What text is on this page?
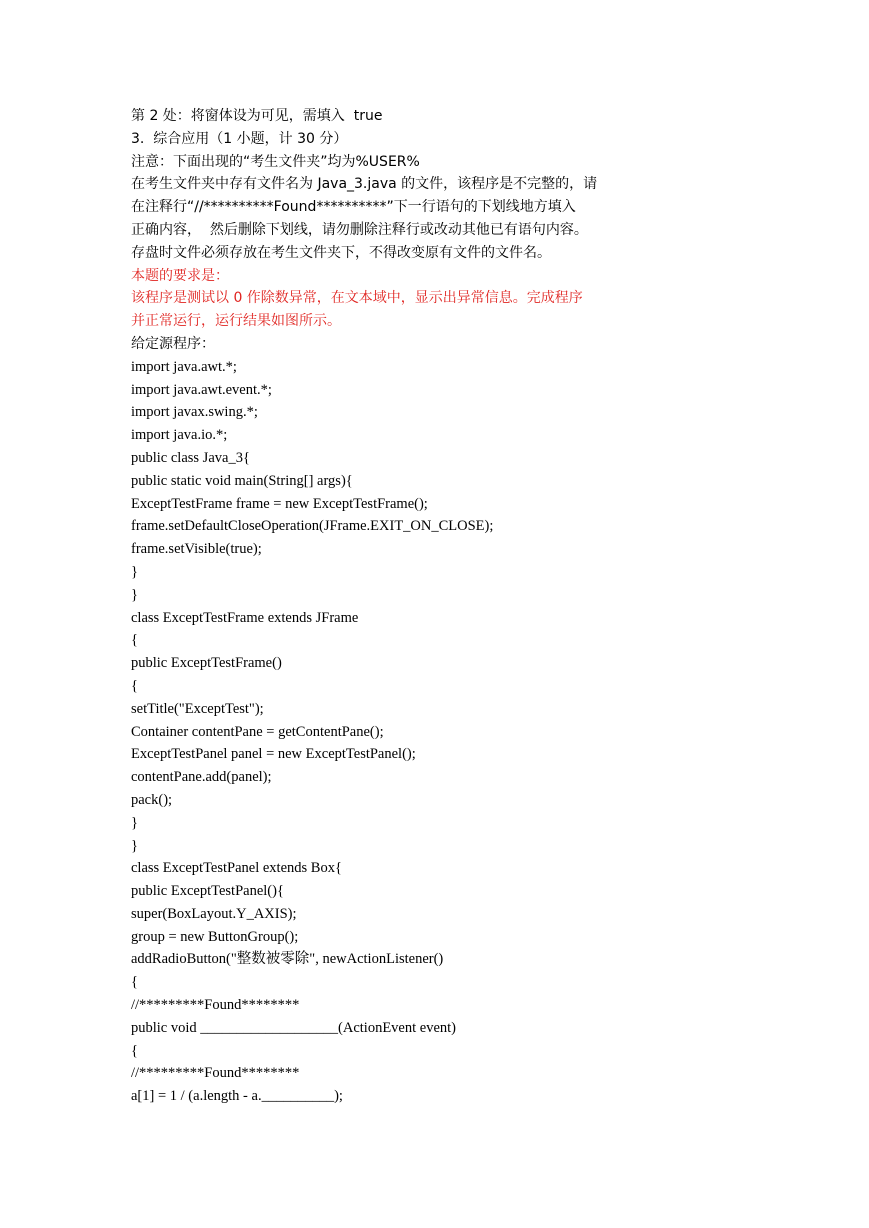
第 2 处：将窗体设为可见，需填入  true
3.  综合应用（1 小题，计 30 分）
注意：下面出现的“考生文件夹”均为%USER%
在考生文件夹中存有文件名为 Java_3.java 的文件，该程序是不完整的，请
在注释行“//**********Found**********”下一行语句的下划线地方填入
正确内容，  然后删除下划线，请勿删除注释行或改动其他已有语句内容。
存盘时文件必须存放在考生文件夹下，不得改变原有文件的文件名。
本题的要求是：
该程序是测试以 0 作除数异常，在文本域中，显示出异常信息。完成程序
并正常运行，运行结果如图所示。
给定源程序：
import java.awt.*;
import java.awt.event.*;
import javax.swing.*;
import java.io.*;
public class Java_3{
public static void main(String[] args){
ExceptTestFrame frame = new ExceptTestFrame();
frame.setDefaultCloseOperation(JFrame.EXIT_ON_CLOSE);
frame.setVisible(true);
}
}
class ExceptTestFrame extends JFrame
{
public ExceptTestFrame()
{
setTitle("ExceptTest");
Container contentPane = getContentPane();
ExceptTestPanel panel = new ExceptTestPanel();
contentPane.add(panel);
pack();
}
}
class ExceptTestPanel extends Box{
public ExceptTestPanel(){
super(BoxLayout.Y_AXIS);
group = new ButtonGroup();
addRadioButton("整数被零除", newActionListener()
{
//*********Found********
public void ___________________(ActionEvent event)
{
//*********Found********
a[1] = 1 / (a.length - a.__________);
